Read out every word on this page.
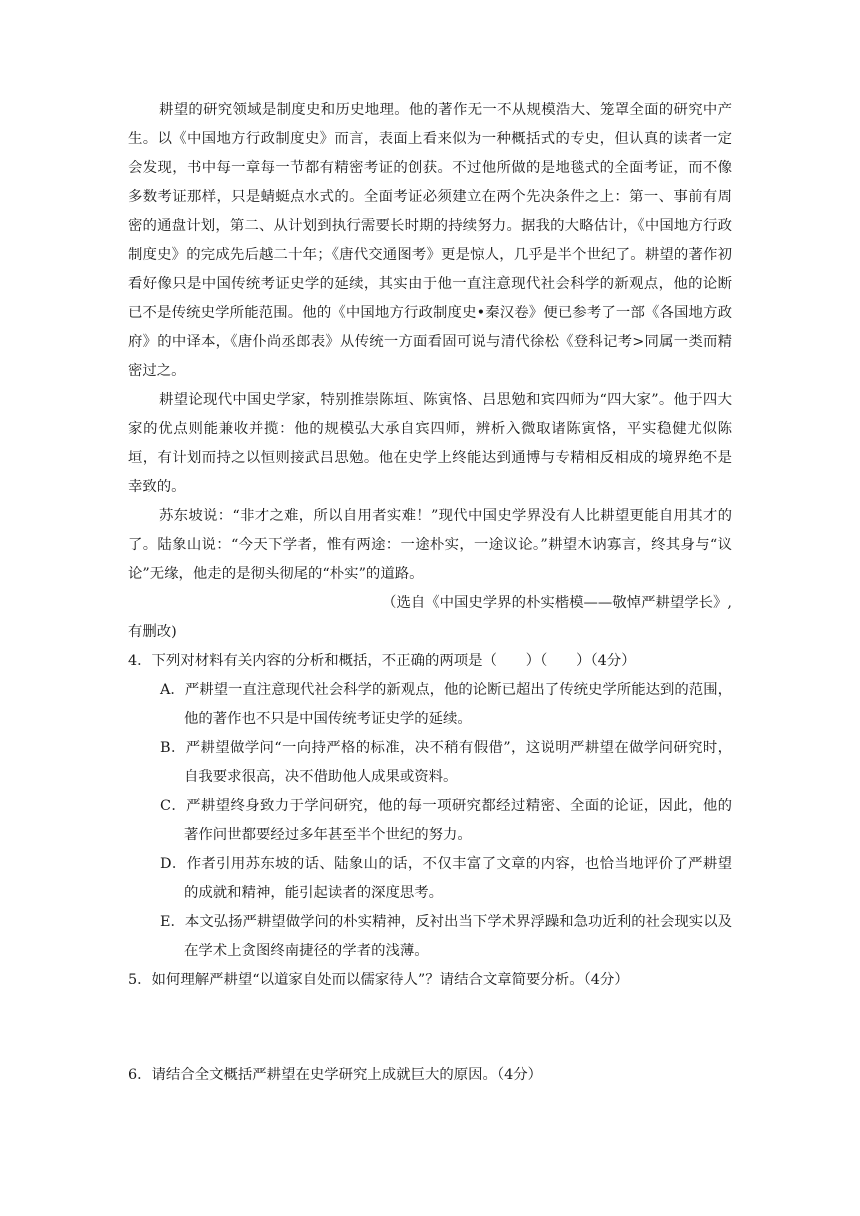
耕望的研究领域是制度史和历史地理。他的著作无一不从规模浩大、笼罩全面的研究中产生。以《中国地方行政制度史》而言，表面上看来似为一种概括式的专史，但认真的读者一定会发现，书中每一章每一节都有精密考证的创获。不过他所做的是地毯式的全面考证，而不像多数考证那样，只是蜻蜓点水式的。全面考证必须建立在两个先决条件之上：第一、事前有周密的通盘计划，第二、从计划到执行需要长时期的持续努力。据我的大略估计，《中国地方行政制度史》的完成先后越二十年；《唐代交通图考》更是惊人，几乎是半个世纪了。耕望的著作初看好像只是中国传统考证史学的延续，其实由于他一直注意现代社会科学的新观点，他的论断已不是传统史学所能范围。他的《中国地方行政制度史•秦汉卷》便已参考了一部《各国地方政府》的中译本，《唐仆尚丞郎表》从传统一方面看固可说与清代徐松《登科记考>同属一类而精密过之。

耕望论现代中国史学家，特别推崇陈垣、陈寅恪、吕思勉和宾四师为“四大家”。他于四大家的优点则能兼收并揽：他的规模弘大承自宾四师，辨析入微取诸陈寅恪，平实稳健尤似陈垣，有计划而持之以恒则接武吕思勉。他在史学上终能达到通博与专精相反相成的境界绝不是幸致的。

苏东坡说：“非才之难，所以自用者实难！”现代中国史学界没有人比耕望更能自用其才的了。陆象山说：“今天下学者，惟有两途：一途朴实，一途议论。”耕望木讷寡言，终其身与“议论”无缘，他走的是彻头彻尾的“朴实”的道路。

（选自《中国史学界的朴实楷模——敬悼严耕望学长》,

有删改)

4．下列对材料有关内容的分析和概括，不正确的两项是（　　）（　　）（4分）

A．严耕望一直注意现代社会科学的新观点，他的论断已超出了传统史学所能达到的范围，他的著作也不只是中国传统考证史学的延续。

B．严耕望做学问“一向持严格的标准，决不稍有假借”，这说明严耕望在做学问研究时，自我要求很高，决不借助他人成果或资料。

C．严耕望终身致力于学问研究，他的每一项研究都经过精密、全面的论证，因此，他的著作问世都要经过多年甚至半个世纪的努力。

D．作者引用苏东坡的话、陆象山的话，不仅丰富了文章的内容，也恰当地评价了严耕望的成就和精神，能引起读者的深度思考。

E．本文弘扬严耕望做学问的朴实精神，反衬出当下学术界浮躁和急功近利的社会现实以及在学术上贪图终南捷径的学者的浅薄。

5．如何理解严耕望“以道家自处而以儒家待人”？请结合文章简要分析。（4分）

6．请结合全文概括严耕望在史学研究上成就巨大的原因。（4分）
